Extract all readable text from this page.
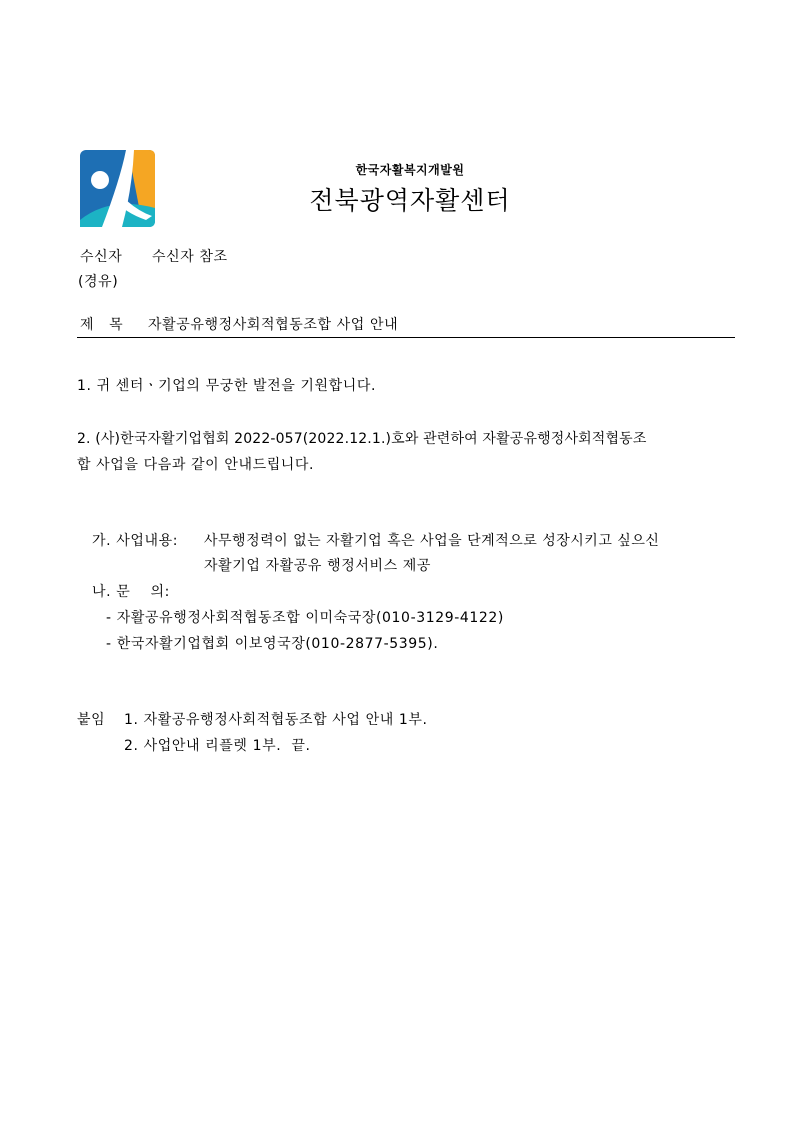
한국자활복지개발원
전북광역자활센터
수신자 수신자 참조
(경유)
제 목 자활공유행정사회적협동조합 사업 안내
1. 귀 센터ㆍ기업의 무궁한 발전을 기원합니다.
2. (사)한국자활기업협회 2022-057(2022.12.1.)호와 관련하여 자활공유행정사회적협동조
합 사업을 다음과 같이 안내드립니다.
가. 사업내용: 사무행정력이 없는 자활기업 혹은 사업을 단계적으로 성장시키고 싶으신
자활기업 자활공유 행정서비스 제공
나. 문    의:
- 자활공유행정사회적협동조합 이미숙국장(010-3129-4122)
- 한국자활기업협회 이보영국장(010-2877-5395).
붙임 1. 자활공유행정사회적협동조합 사업 안내 1부.
2. 사업안내 리플렛 1부.  끝.
